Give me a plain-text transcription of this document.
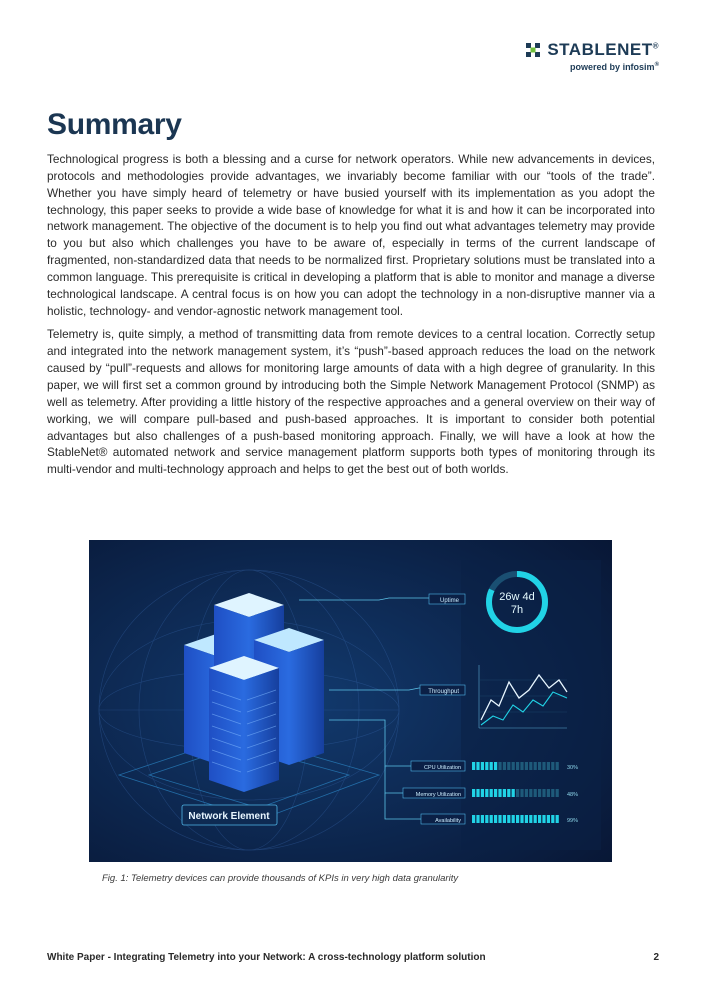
STABLENET®
powered by infosim®
Summary

Technological progress is both a blessing and a curse for network operators. While new advancements in devices, protocols and methodologies provide advantages, we invariably become familiar with our “tools of the trade”. Whether you have simply heard of telemetry or have busied yourself with its implementation as you adopt the technology, this paper seeks to provide a wide base of knowledge for what it is and how it can be incorporated into network management. The objective of the document is to help you find out what advantages telemetry may provide to you but also which challenges you have to be aware of, especially in terms of the current landscape of fragmented, non-standardized data that needs to be normalized first. Proprietary solutions must be translated into a common language. This prerequisite is critical in developing a platform that is able to monitor and manage a diverse technological landscape. A central focus is on how you can adopt the technology in a non-disruptive manner via a holistic, technology- and vendor-agnostic network management tool.

Telemetry is, quite simply, a method of transmitting data from remote devices to a central location. Correctly setup and integrated into the network management system, it’s “push”-based approach reduces the load on the network caused by “pull”-requests and allows for monitoring large amounts of data with a high degree of granularity. In this paper, we will first set a common ground by introducing both the Simple Network Management Protocol (SNMP) as well as telemetry. After providing a little history of the respective approaches and a general overview on their way of working, we will compare pull-based and push-based approaches. It is important to consider both potential advantages but also challenges of a push-based monitoring approach. Finally, we will have a look at how the StableNet® automated network and service management platform supports both types of monitoring through its multi-vendor and multi-technology approach and helps to get the best out of both worlds.

Network Element
Uptime	26w 4d
7h
Throughput
CPU Utilization	30%
Memory Utilization	48%
Availability	99%
Fig. 1: Telemetry devices can provide thousands of KPIs in very high data granularity
White Paper - Integrating Telemetry into your Network: A cross-technology platform solution	2
